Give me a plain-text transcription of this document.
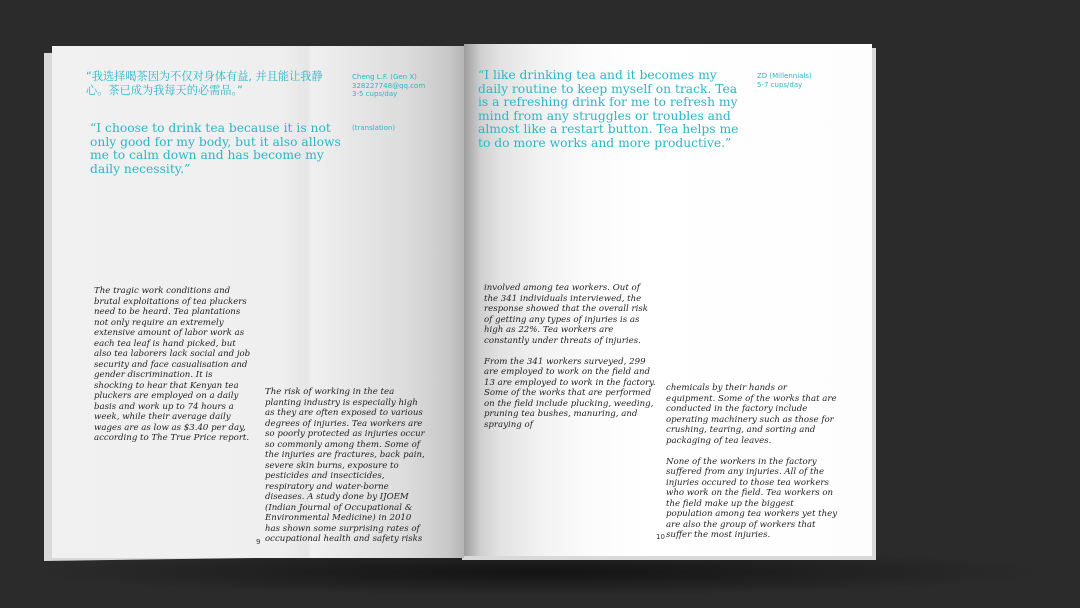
“我选择喝茶因为不仅对身体有益, 并且能让我静心。茶已成为我每天的必需品。”
Cheng L.F. (Gen X)
328227748@qq.com
3-5 cups/day
“I choose to drink tea because it is not only good for my body, but it also allows me to calm down and has become my daily necessity.”
(translation)

The tragic work conditions and brutal exploitations of tea pluckers need to be heard. Tea plantations not only require an extremely extensive amount of labor work as each tea leaf is hand picked, but also tea laborers lack social and job security and face casualisation and gender discrimination. It is shocking to hear that Kenyan tea pluckers are employed on a daily basis and work up to 74 hours a week, while their average daily wages are as low as $3.40 per day, according to The True Price report.

The risk of working in the tea planting industry is especially high as they are often exposed to various degrees of injuries. Tea workers are so poorly protected as injuries occur so commonly among them. Some of the injuries are fractures, back pain, severe skin burns, exposure to pesticides and insecticides, respiratory and water-borne diseases. A study done by IJOEM (Indian Journal of Occupational & Environmental Medicine) in 2010 has shown some surprising rates of occupational health and safety risks

9
“I like drinking tea and it becomes my daily routine to keep myself on track. Tea is a refreshing drink for me to refresh my mind from any struggles or troubles and almost like a restart button. Tea helps me to do more works and more productive.”
ZD (Millennials)
5-7 cups/day

involved among tea workers. Out of the 341 individuals interviewed, the response showed that the overall risk of getting any types of injuries is as high as 22%. Tea workers are constantly under threats of injuries.

From the 341 workers surveyed, 299 are employed to work on the field and 13 are employed to work in the factory. Some of the works that are performed on the field include plucking, weeding, pruning tea bushes, manuring, and spraying of

chemicals by their hands or equipment. Some of the works that are conducted in the factory include operating machinery such as those for crushing, tearing, and sorting and packaging of tea leaves.

None of the workers in the factory suffered from any injuries. All of the injuries occured to those tea workers who work on the field. Tea workers on the field make up the biggest population among tea workers yet they are also the group of workers that suffer the most injuries.

10
